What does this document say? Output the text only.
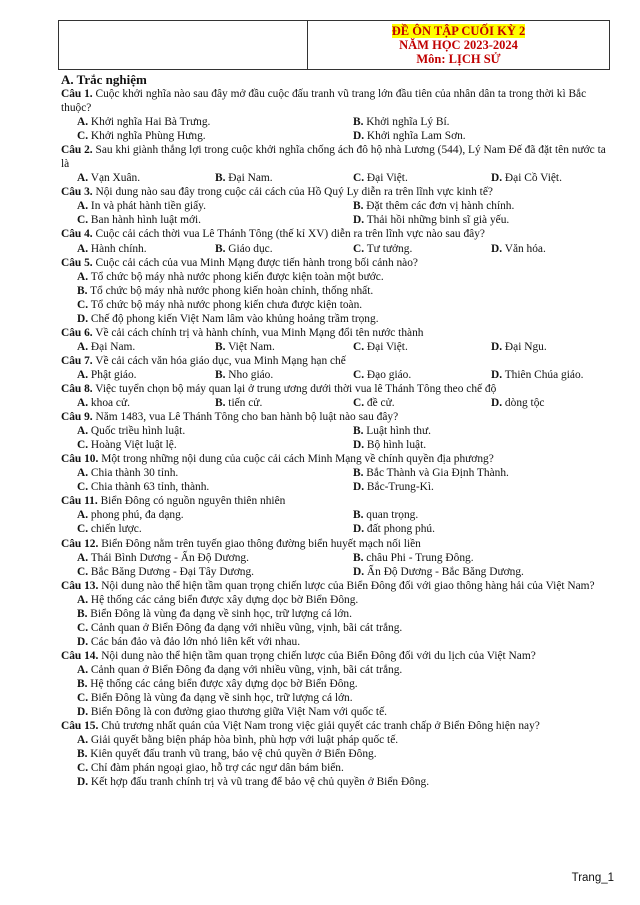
ĐỀ ÔN TẬP CUỐI KỲ 2
NĂM HỌC 2023-2024
Môn: LỊCH SỬ
A. Trắc nghiệm
Câu 1. Cuộc khởi nghĩa nào sau đây mở đầu cuộc đấu tranh vũ trang lớn đầu tiên của nhân dân ta trong thời kì Bắc thuộc?
A. Khởi nghĩa Hai Bà Trưng.	B. Khởi nghĩa Lý Bí.
C. Khởi nghĩa Phùng Hưng.	D. Khởi nghĩa Lam Sơn.
Câu 2. Sau khi giành thắng lợi trong cuộc khởi nghĩa chống ách đô hộ nhà Lương (544), Lý Nam Đế đã đặt tên nước ta là
A. Vạn Xuân.	B. Đại Nam.	C. Đại Việt.	D. Đại Cồ Việt.
Câu 3. Nội dung nào sau đây trong cuộc cải cách của Hồ Quý Ly diễn ra trên lĩnh vực kinh tế?
A. In và phát hành tiền giấy.	B. Đặt thêm các đơn vị hành chính.
C. Ban hành hình luật mới.	D. Thải hồi những binh sĩ già yếu.
Câu 4. Cuộc cải cách thời vua Lê Thánh Tông (thế kỉ XV) diễn ra trên lĩnh vực nào sau đây?
A. Hành chính.	B. Giáo dục.	C. Tư tưởng.	D. Văn hóa.
Câu 5. Cuộc cải cách của vua Minh Mạng được tiến hành trong bối cảnh nào?
A. Tổ chức bộ máy nhà nước phong kiến được kiện toàn một bước.
B. Tổ chức bộ máy nhà nước phong kiến hoàn chỉnh, thống nhất.
C. Tổ chức bộ máy nhà nước phong kiến chưa được kiện toàn.
D. Chế độ phong kiến Việt Nam lâm vào khủng hoảng trầm trọng.
Câu 6. Về cải cách chính trị và hành chính, vua Minh Mạng đổi tên nước thành
A. Đại Nam.	B. Việt Nam.	C. Đại Việt.	D. Đại Ngu.
Câu 7. Về cải cách văn hóa giáo dục, vua Minh Mạng hạn chế
A. Phật giáo.	B. Nho giáo.	C. Đạo giáo.	D. Thiên Chúa giáo.
Câu 8. Việc tuyển chọn bộ máy quan lại ở trung ương dưới thời vua lê Thánh Tông theo chế độ
A. khoa cử.	B. tiến cử.	C. đề cử.	D. dòng tộc
Câu 9. Năm 1483, vua Lê Thánh Tông cho ban hành bộ luật nào sau đây?
A. Quốc triều hình luật.	B. Luật hình thư.
C. Hoàng Việt luật lệ.	D. Bộ hình luật.
Câu 10. Một trong những nội dung của cuộc cải cách Minh Mạng về chính quyền địa phương?
A. Chia thành 30 tỉnh.	B. Bắc Thành và Gia Định Thành.
C. Chia thành 63 tỉnh, thành.	D. Bắc-Trung-Kì.
Câu 11. Biển Đông có nguồn nguyên thiên nhiên
A. phong phú, đa dạng.	B. quan trọng.
C. chiến lược.	D. đất phong phú.
Câu 12. Biển Đông nằm trên tuyến giao thông đường biển huyết mạch nối liền
A. Thái Bình Dương - Ấn Độ Dương.	B. châu Phi - Trung Đông.
C. Bắc Băng Dương - Đại Tây Dương.	D. Ấn Độ Dương - Bắc Băng Dương.
Câu 13. Nội dung nào thể hiện tầm quan trọng chiến lược của Biển Đông đối với giao thông hàng hải của Việt Nam?
A. Hệ thống các cảng biển được xây dựng dọc bờ Biển Đông.
B. Biển Đông là vùng đa dạng về sinh học, trữ lượng cá lớn.
C. Cảnh quan ở Biển Đông đa dạng với nhiều vũng, vịnh, bãi cát trắng.
D. Các bán đảo và đảo lớn nhỏ liên kết với nhau.
Câu 14. Nội dung nào thể hiện tầm quan trọng chiến lược của Biển Đông đối với du lịch của Việt Nam?
A. Cảnh quan ở Biển Đông đa dạng với nhiều vũng, vịnh, bãi cát trắng.
B. Hệ thống các cảng biển được xây dựng dọc bờ Biển Đông.
C. Biển Đông là vùng đa dạng về sinh học, trữ lượng cá lớn.
D. Biển Đông là con đường giao thương giữa Việt Nam với quốc tế.
Câu 15. Chủ trương nhất quán của Việt Nam trong việc giải quyết các tranh chấp ở Biển Đông hiện nay?
A. Giải quyết bằng biện pháp hòa bình, phù hợp với luật pháp quốc tế.
B. Kiên quyết đấu tranh vũ trang, bảo vệ chủ quyền ở Biển Đông.
C. Chỉ đàm phán ngoại giao, hỗ trợ các ngư dân bám biển.
D. Kết hợp đấu tranh chính trị và vũ trang để bảo vệ chủ quyền ở Biển Đông.
Trang_1
